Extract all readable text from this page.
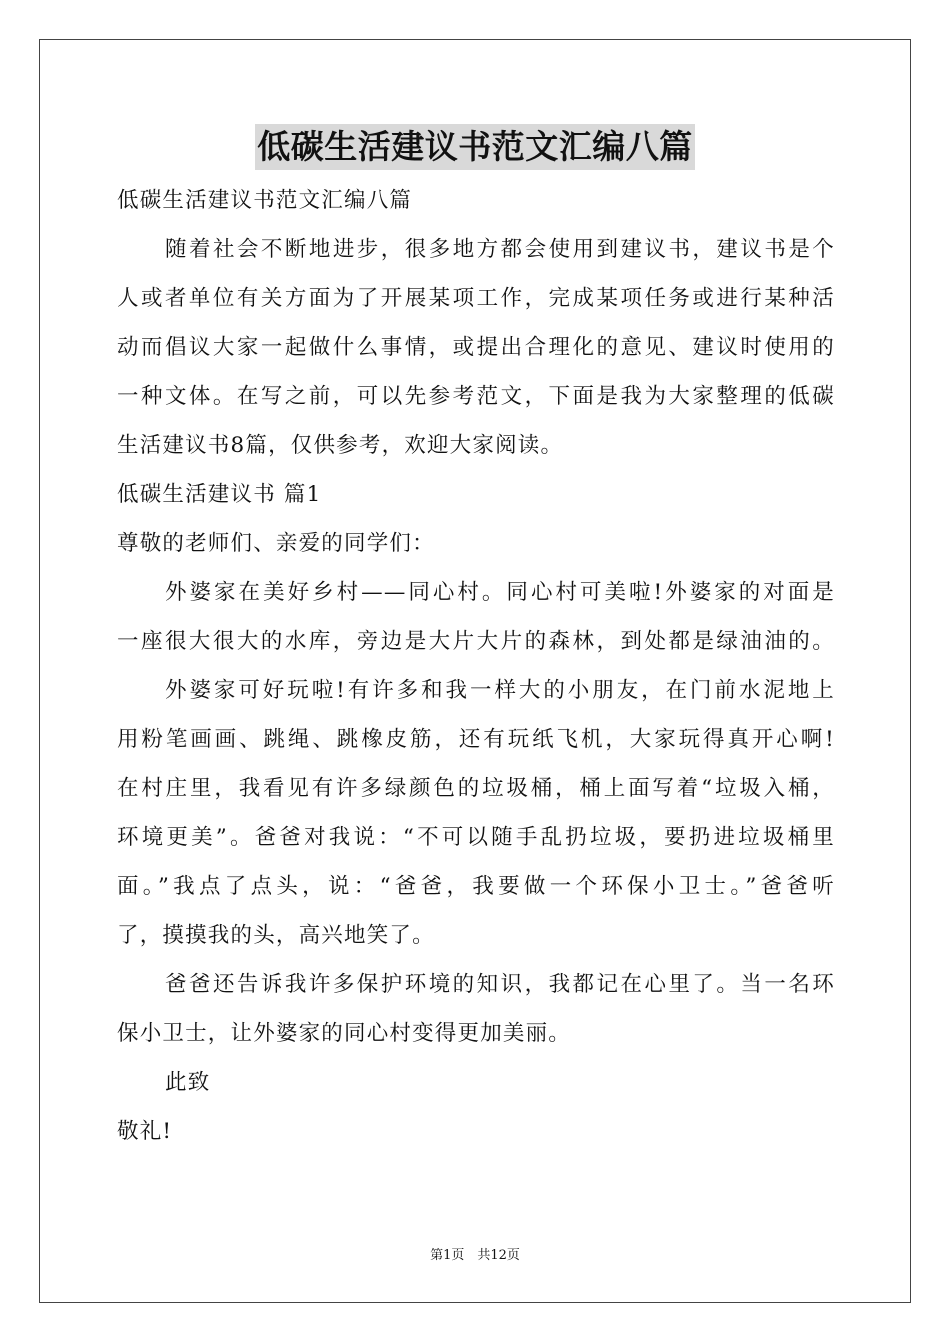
低碳生活建议书范文汇编八篇
低碳生活建议书范文汇编八篇
随着社会不断地进步，很多地方都会使用到建议书，建议书是个
人或者单位有关方面为了开展某项工作，完成某项任务或进行某种活
动而倡议大家一起做什么事情，或提出合理化的意见、建议时使用的
一种文体。在写之前，可以先参考范文，下面是我为大家整理的低碳
生活建议书8篇，仅供参考，欢迎大家阅读。
低碳生活建议书 篇1
尊敬的老师们、亲爱的同学们：
外婆家在美好乡村——同心村。同心村可美啦!外婆家的对面是
一座很大很大的水库，旁边是大片大片的森林，到处都是绿油油的。
外婆家可好玩啦!有许多和我一样大的小朋友，在门前水泥地上
用粉笔画画、跳绳、跳橡皮筋，还有玩纸飞机，大家玩得真开心啊!
在村庄里，我看见有许多绿颜色的垃圾桶，桶上面写着“垃圾入桶，
环境更美”。爸爸对我说：“不可以随手乱扔垃圾，要扔进垃圾桶里
面。”我点了点头，说：“爸爸，我要做一个环保小卫士。”爸爸听
了，摸摸我的头，高兴地笑了。
爸爸还告诉我许多保护环境的知识，我都记在心里了。当一名环
保小卫士，让外婆家的同心村变得更加美丽。
此致
敬礼!
第1页　共12页
